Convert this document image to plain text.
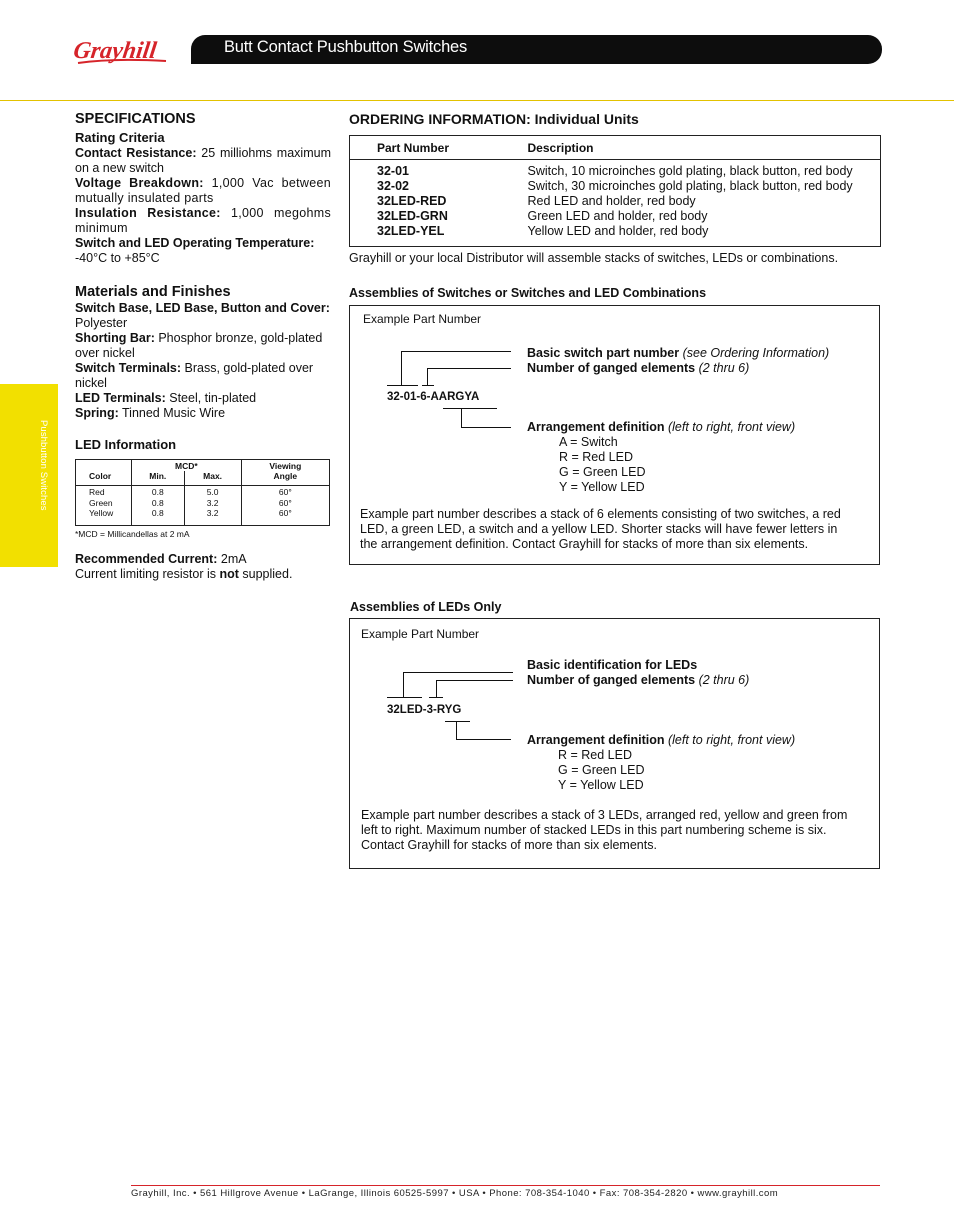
Grayhill	Butt Contact Pushbutton Switches
Pushbutton Switches
SPECIFICATIONS
Rating Criteria
Contact Resistance: 25 milliohms maximum on a new switch
Voltage Breakdown: 1,000 Vac between mutually insulated parts
Insulation Resistance: 1,000 megohms minimum
Switch and LED Operating Temperature:
-40°C to +85°C
Materials and Finishes
Switch Base, LED Base, Button and Cover:
Polyester
Shorting Bar: Phosphor bronze, gold-plated over nickel
Switch Terminals: Brass, gold-plated over nickel
LED Terminals: Steel, tin-plated
Spring: Tinned Music Wire
LED Information
	MCD*		Viewing
Color	Min.	Max.	Angle
Red	0.8	5.0	60°
Green	0.8	3.2	60°
Yellow	0.8	3.2	60°
*MCD = Millicandellas at 2 mA
Recommended Current: 2mA
Current limiting resistor is not supplied.
ORDERING INFORMATION: Individual Units
Part Number	Description
32-01	Switch, 10 microinches gold plating, black button, red body
32-02	Switch, 30 microinches gold plating, black button, red body
32LED-RED	Red LED and holder, red body
32LED-GRN	Green LED and holder, red body
32LED-YEL	Yellow LED and holder, red body
Grayhill or your local Distributor will assemble stacks of switches, LEDs or combinations.
Assemblies of Switches or Switches and LED Combinations
Example Part Number
Basic switch part number (see Ordering Information)
Number of ganged elements (2 thru 6)
32-01-6-AARGYA
Arrangement definition (left to right, front view)
A = Switch
R = Red LED
G = Green LED
Y = Yellow LED
Example part number describes a stack of 6 elements consisting of two switches, a red LED, a green LED, a switch and a yellow LED. Shorter stacks will have fewer letters in the arrangement definition. Contact Grayhill for stacks of more than six elements.
Assemblies of LEDs Only
Example Part Number
Basic identification for LEDs
Number of ganged elements (2 thru 6)
32LED-3-RYG
Arrangement definition (left to right, front view)
R = Red LED
G = Green LED
Y = Yellow LED
Example part number describes a stack of 3 LEDs, arranged red, yellow and green from left to right. Maximum number of stacked LEDs in this part numbering scheme is six. Contact Grayhill for stacks of more than six elements.
Grayhill, Inc. • 561 Hillgrove Avenue • LaGrange, Illinois 60525-5997 • USA • Phone: 708-354-1040 • Fax: 708-354-2820 • www.grayhill.com
